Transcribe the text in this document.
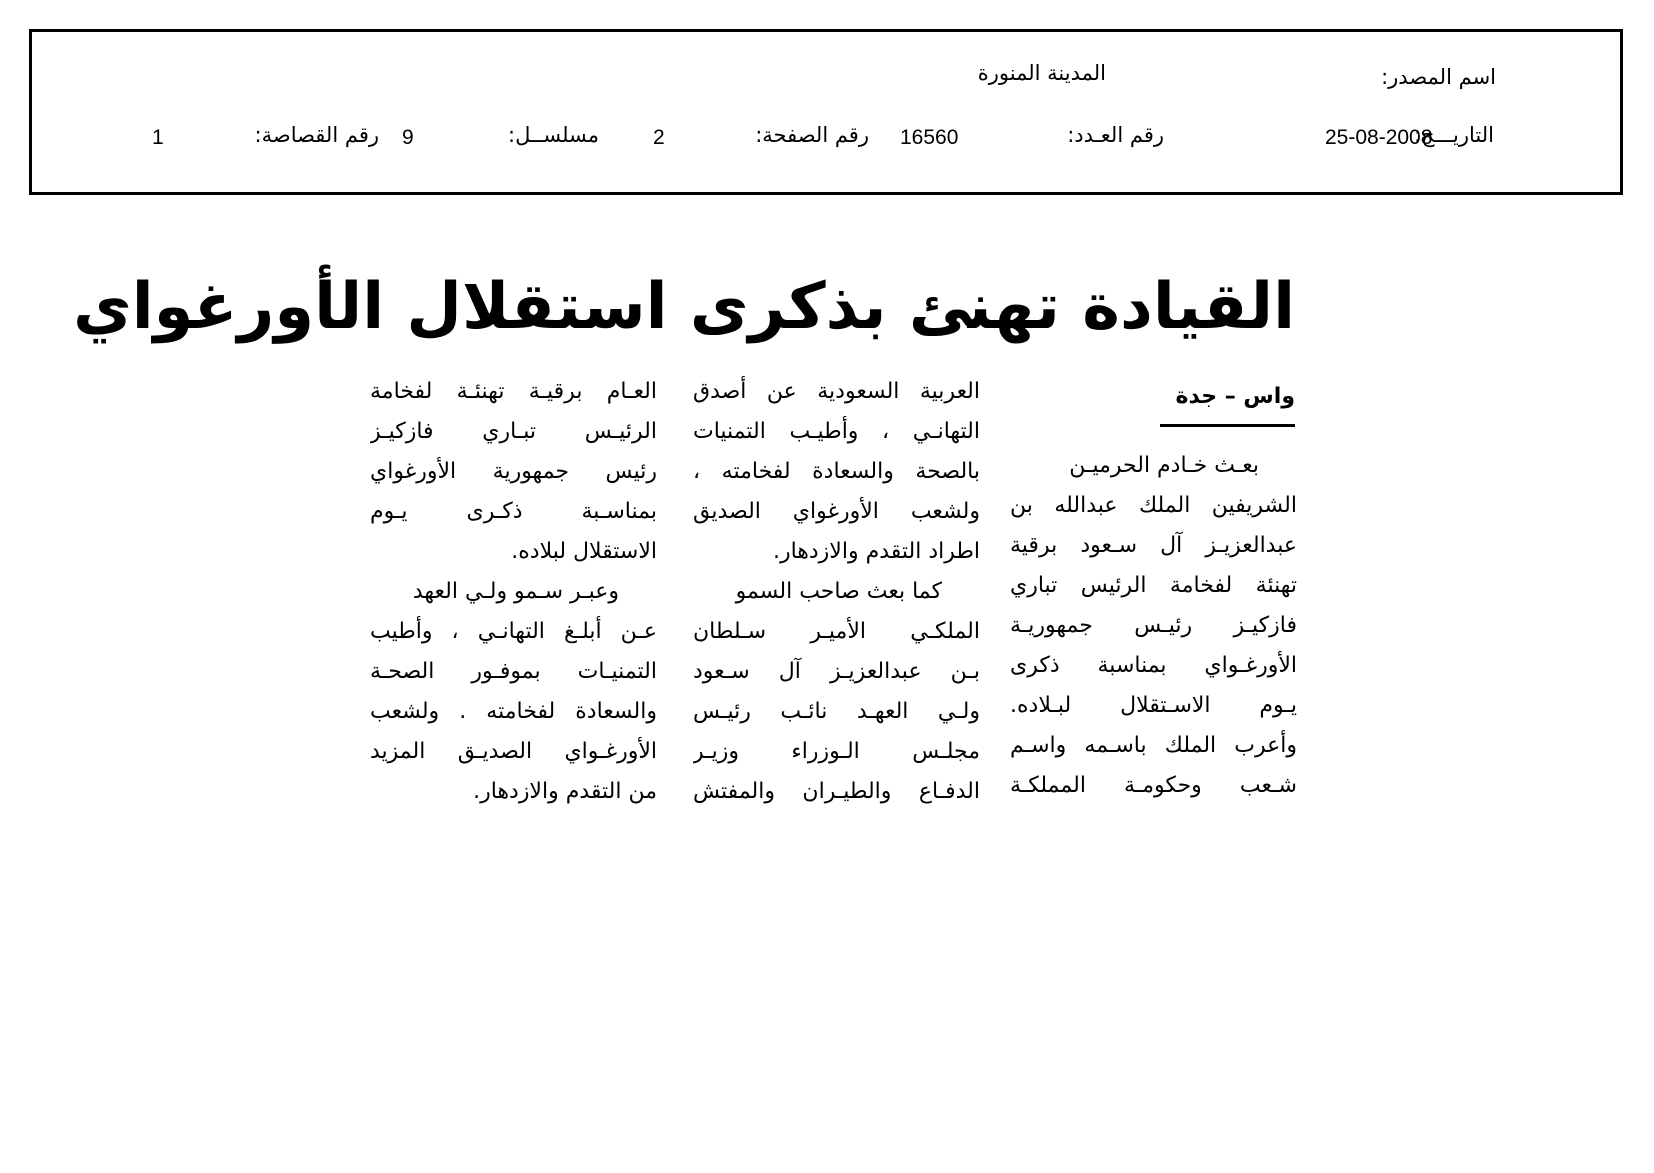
اسم المصدر:
المدينة المنورة
التاريـــخ:
25-08-2008
رقم العـدد:
16560
رقم الصفحة:
2
مسلســل:
9
رقم القصاصة:
1
القيادة تهنئ بذكرى استقلال الأورغواي
واس – جدة
بعـث خـادم الحرميـن
الشريفين الملك عبدالله بن
عبدالعزيـز آل سـعود برقية
تهنئة لفخامة الرئيس تباري
فازكيـز رئيـس جمهوريـة
الأورغـواي بمناسبة ذكرى
يـوم الاسـتقلال لبـلاده.
وأعرب الملك باسـمه واسـم
شـعب وحكومـة المملكـة
العربية السعودية عن أصدق
التهانـي ، وأطيـب التمنيات
بالصحة والسعادة لفخامته ،
ولشعب الأورغواي الصديق
اطراد التقدم والازدهار.
كما بعث صاحب السمو
الملكـي الأميـر سـلطان
بـن عبدالعزيـز آل سـعود
ولـي العهـد نائـب رئيـس
مجلـس الـوزراء وزيـر
الدفـاع والطيـران والمفتش
العـام برقيـة تهنئـة لفخامة
الرئيـس تبـاري فازكيـز
رئيس جمهورية الأورغواي
بمناسـبة ذكـرى يـوم
الاستقلال لبلاده.
وعبـر سـمو ولـي العهد
عـن أبلـغ التهانـي ، وأطيب
التمنيـات بموفـور الصحـة
والسعادة لفخامته . ولشعب
الأورغـواي الصديـق المزيد
من التقدم والازدهار.
